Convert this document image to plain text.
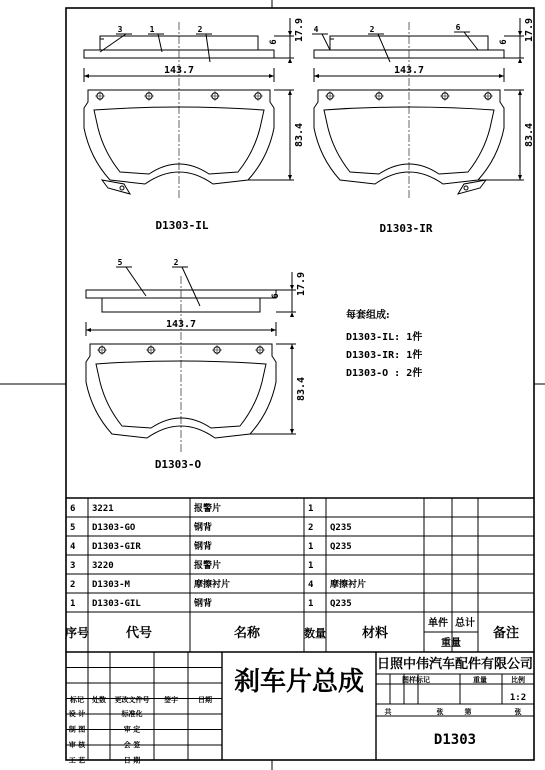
143.7
17.9
6
3	1	2
83.4
D1303-IL
143.7
17.9
6
4	2	6
83.4
D1303-IR
143.7
17.9
6
5	2
83.4
D1303-O
每套组成:
D1303-IL: 1件
D1303-IR: 1件
D1303-O : 2件
6 3221	报警片	1
5 D1303-GO	钢背	2 Q235
4 D1303-GIR	钢背	1 Q235
3 3220	报警片	1
2 D1303-M	摩擦衬片	4 摩擦衬片
1 D1303-GIL	钢背	1 Q235
序号	代号	名称	数量	材料
单件 总计
重量
备注
标记 处数 更改文件号 签字	日期
设 计	标准化
制 图	审 定
审 核	会 签
工 艺	日 期
刹车片总成
日照中伟汽车配件有限公司
图样标记	重量	比例
1:2
共	张	第	张
D1303
